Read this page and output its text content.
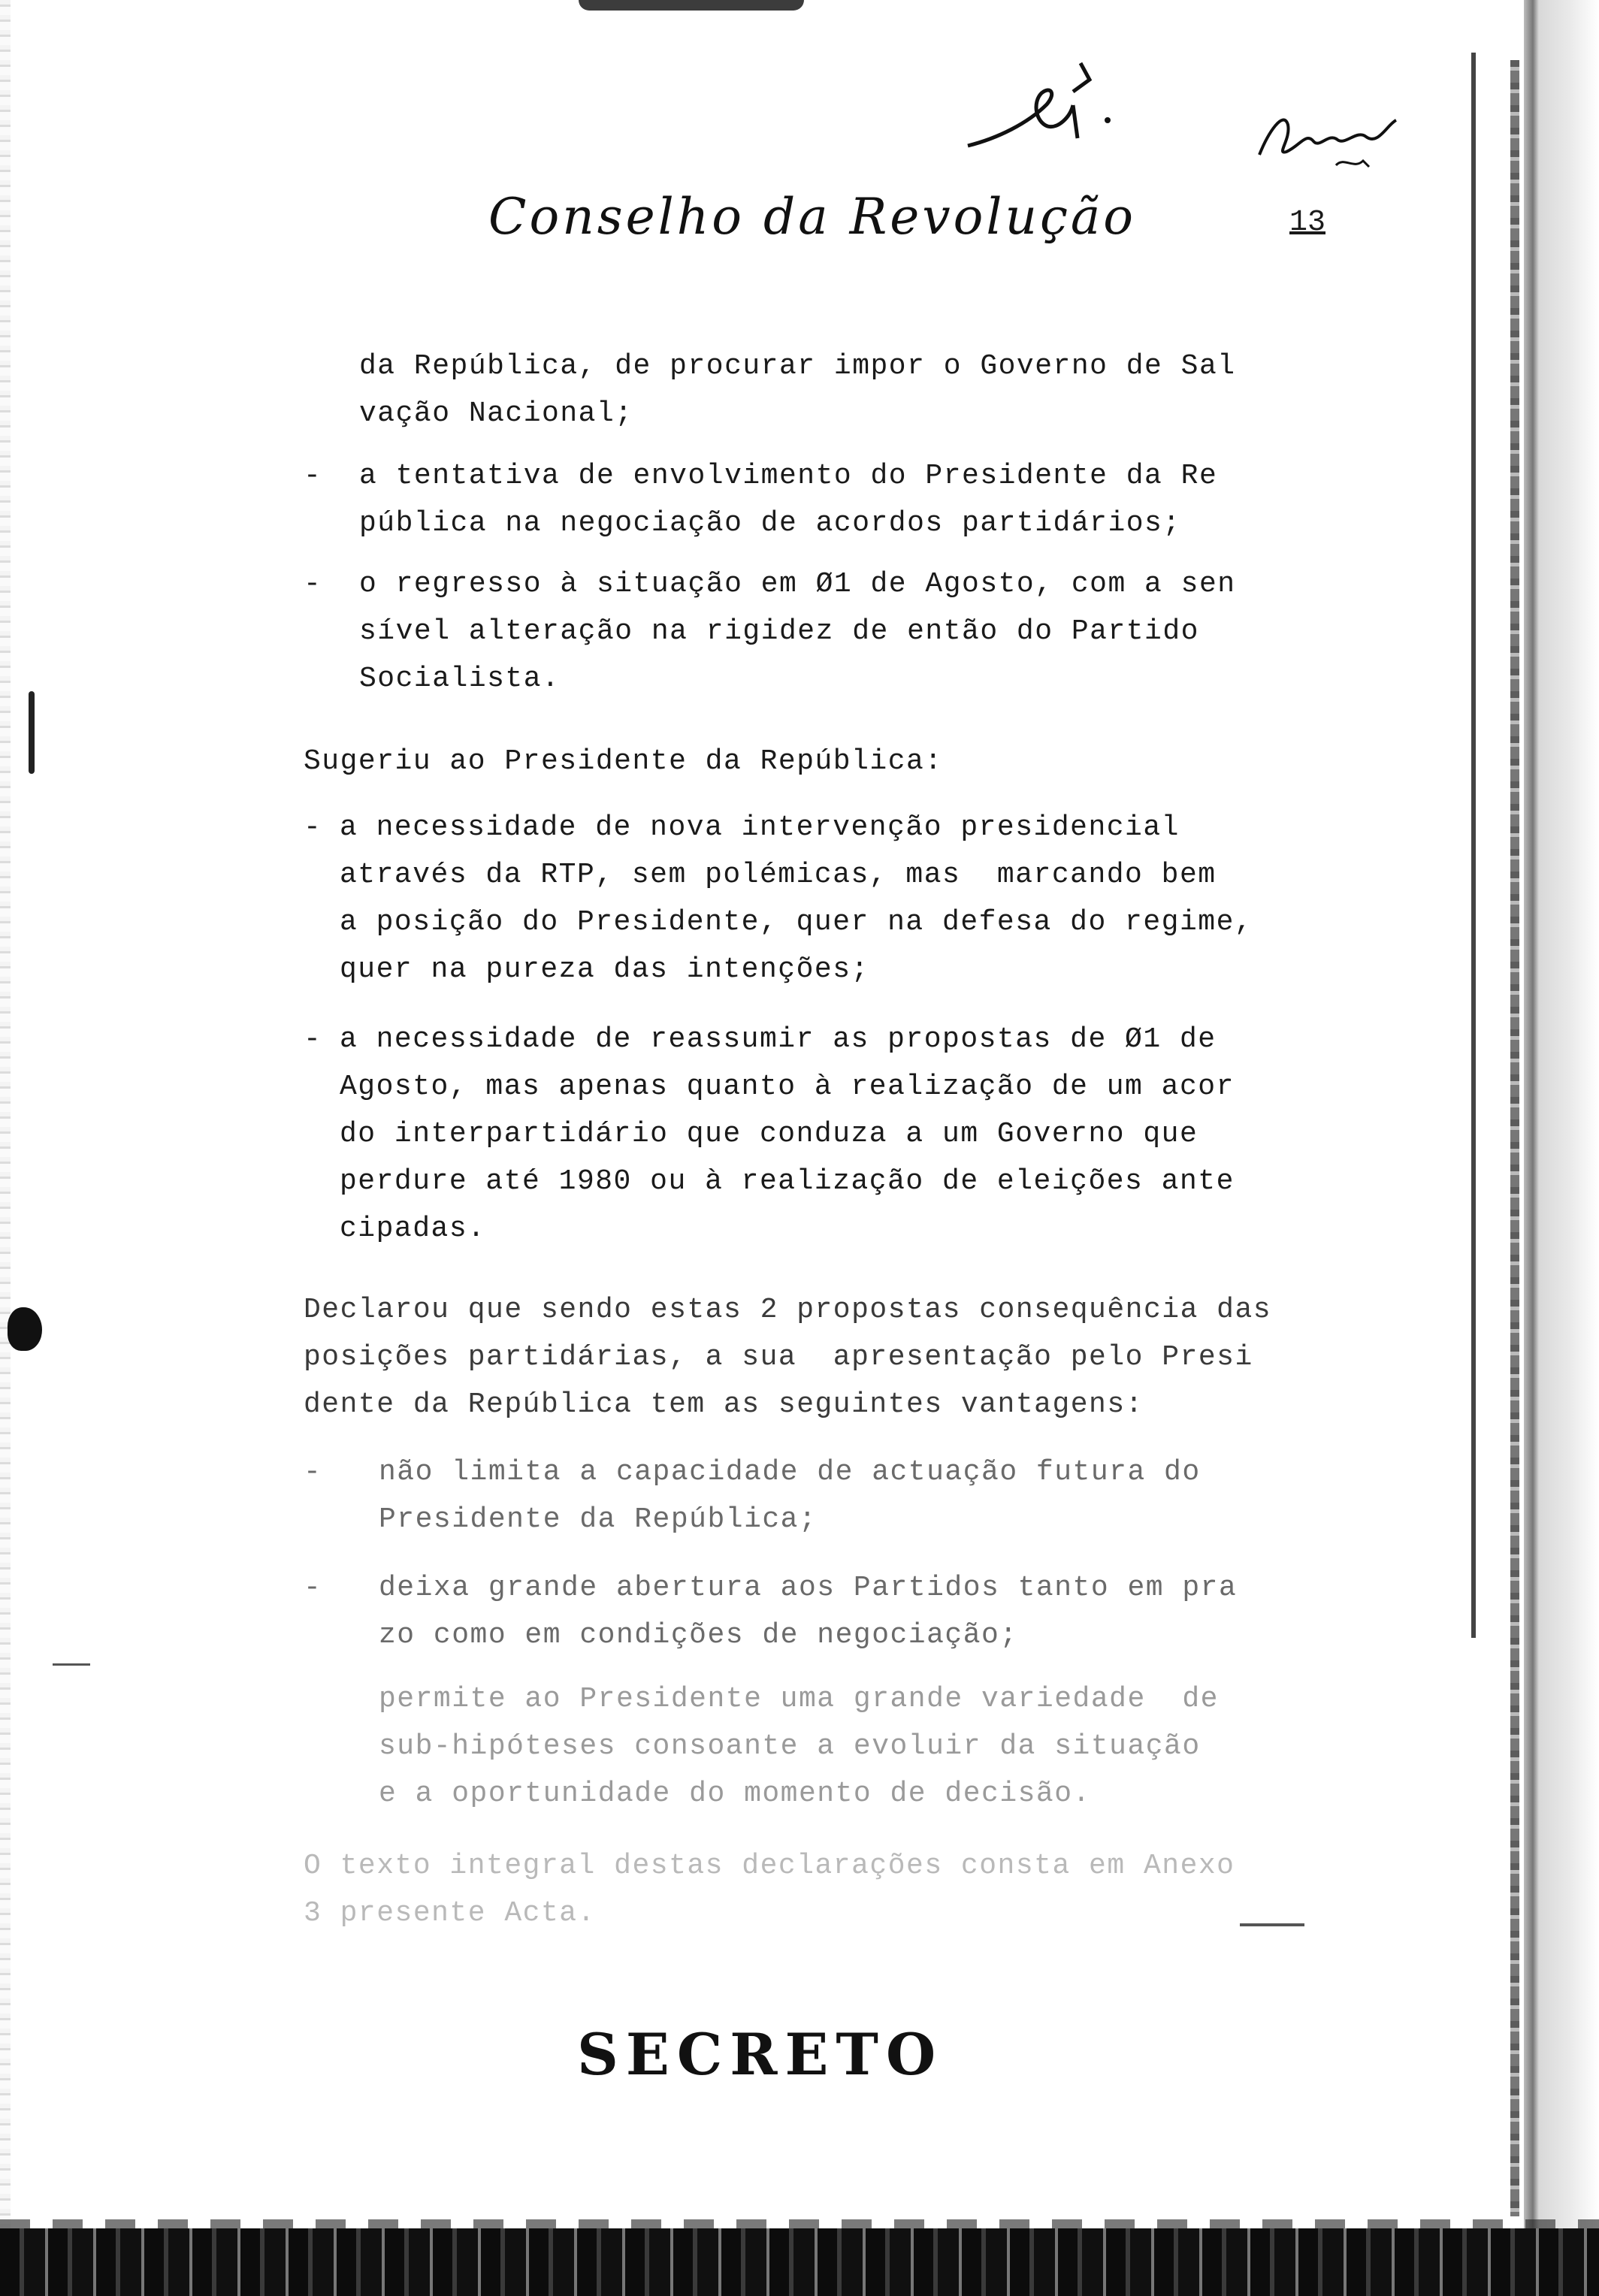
Conselho da Revolução	13
da República, de procurar impor o Governo de Sal
vação Nacional;
- a tentativa de envolvimento do Presidente da Re
pública na negociação de acordos partidários;
- o regresso à situação em Ø1 de Agosto, com a sen
sível alteração na rigidez de então do Partido
Socialista.
Sugeriu ao Presidente da República:
- a necessidade de nova intervenção presidencial
através da RTP, sem polémicas, mas  marcando bem
a posição do Presidente, quer na defesa do regime,
quer na pureza das intenções;
- a necessidade de reassumir as propostas de Ø1 de
Agosto, mas apenas quanto à realização de um acor
do interpartidário que conduza a um Governo que
perdure até 1980 ou à realização de eleições ante
cipadas.
Declarou que sendo estas 2 propostas consequência das
posições partidárias, a sua  apresentação pelo Presi
dente da República tem as seguintes vantagens:
- não limita a capacidade de actuação futura do
Presidente da República;
- deixa grande abertura aos Partidos tanto em pra
zo como em condições de negociação;
permite ao Presidente uma grande variedade  de
sub-hipóteses consoante a evoluir da situação
e a oportunidade do momento de decisão.
O texto integral destas declarações consta em Anexo
3 presente Acta.
SECRETO
